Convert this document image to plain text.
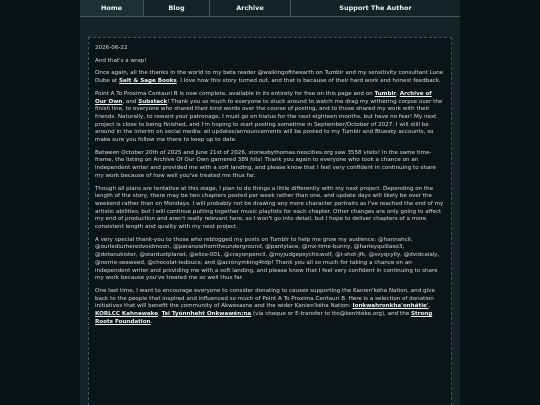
Home	Blog	Archive	Support The Author

2026-06-22

And that's a wrap!

Once again, all the thanks in the world to my beta reader @walkingoftheearth on Tumblr and my sensitivity consultant Lune Dube at Salt & Sage Books. I love how this story turned out, and that is because of their hard work and honest feedback.

Point A To Proxima Centauri B is now complete, available in its entirety for free on this page and on Tumblr, Archive of Our Own, and Substack! Thank you so much to everyone to stuck around to watch me drag my withering corpse over the finish line, to everyone who shared their kind words over the course of posting, and to those shared my work with their friends. Naturally, to reward your patronage, I must go on hiatus for the next eighteen months, but have no fear! My next project is close to being finished, and I'm hoping to start posting sometime in September/October of 2027. I will still be around in the interim on social media: all updates/announcements will be posted to my Tumblr and Bluesky accounts, so make sure you follow me there to keep up to date.

Between October 20th of 2025 and June 21st of 2026, storiesbythomas.neocities.org saw 3558 visits! In the same time-frame, the listing on Archive Of Our Own garnered 389 hits! Thank you again to everyone who took a chance on an independent writer and provided me with a soft landing, and please know that I feel very confident in continuing to share my work because of how well you've treated me thus far.

Though all plans are tentative at this stage, I plan to do things a little differently with my next project. Depending on the length of the story, there may be two chapters posted per week rather than one, and update days will likely be over the weekend rather than on Mondays. I will probably not be drawing any more character portraits as I've reached the end of my artistic abilities, but I will continue putting together music playlists for each chapter. Other changes are only going to affect my end of production and aren't really relevant here, so I won't go into detail, but I hope to deliver chapters of a more consistent length and quality with my next project.

A very special thank-you to those who reblogged my posts on Tumblr to help me grow my audience: @hannahcli, @ourlediurheredvoidmoon, @paranoiafromtheunderground, @pantylace, @mx-time-bunny, @harleyquillaxo3, @dotanukister, @stardustplanet, @eliza-001, @crayonpencil, @myjudgepsychicwolf, @i-shot-jfk, @svyqcylly, @dvidcalaly, @norrie-seaweed, @chocolat-ledouce, and @acronymking4tdp! Thank you all so much for taking a chance on an independent writer and providing me with a soft landing, and please know that I feel very confident in continuing to share my work because you've treated me so well thus far.

One last time, I want to encourage everyone to consider donating to causes supporting the Kanien'kéha Nation, and give back to the people that inspired and influenced so much of Point A To Proxima Centauri B. Here is a selection of donation initiatives that will benefit the community of Akwesasne and the wider Kanien'kéha Nation: Ionkwahronkha'onhátie', KORLCC Kahnawake, Tsi Tyónnheht Onkwawén:na (via cheque or E-transfer to tto@kenhteke.org), and the Strong Roots Foundation.
